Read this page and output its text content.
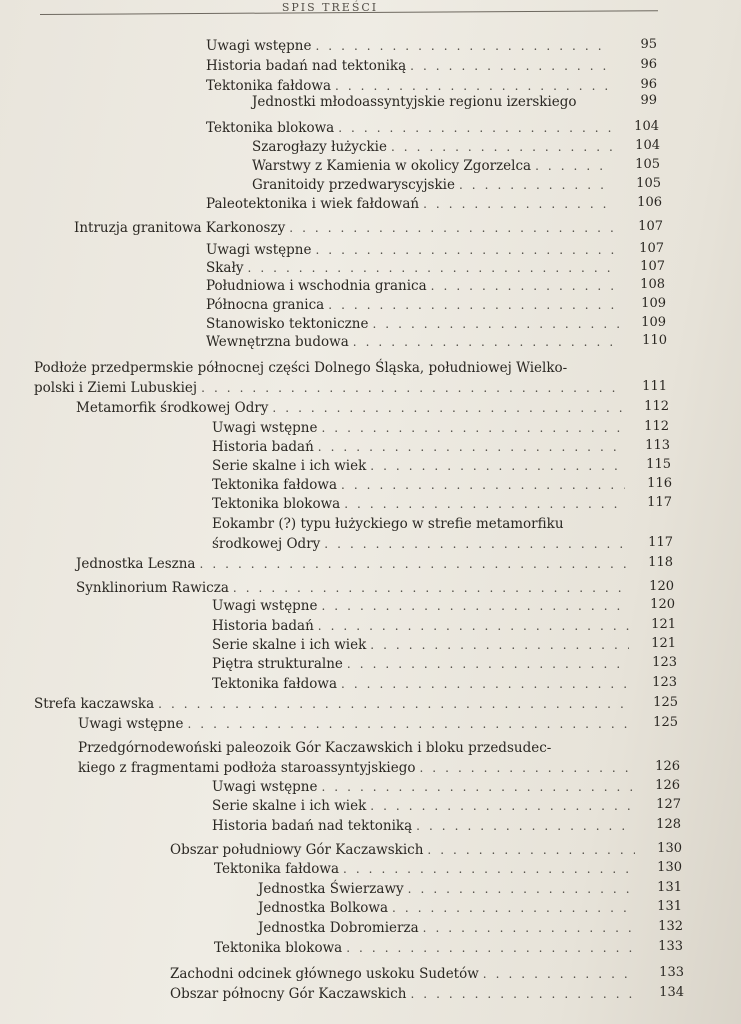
SPIS TREŚCI
Uwagi wstępne . . .	95
Historia badań nad tektoniką . . .	96
Tektonika fałdowa . . .	96
Jednostki młodoassyntyjskie regionu izerskiego	99
Tektonika blokowa . . .	104
Szarogłazy łużyckie . . .	104
Warstwy z Kamienia w okolicy Zgorzelca . . .	105
Granitoidy przedwaryscyjskie . . .	105
Paleotektonika i wiek fałdowań . . .	106
Intruzja granitowa Karkonoszy . . .	107
Uwagi wstępne . . .	107
Skały . . .	107
Południowa i wschodnia granica . . .	108
Północna granica . . .	109
Stanowisko tektoniczne . . .	109
Wewnętrzna budowa . . .	110
Podłoże przedpermskie północnej części Dolnego Śląska, południowej Wielko-
polski i Ziemi Lubuskiej . . .	111
Metamorfik środkowej Odry . . .	112
Uwagi wstępne . . .	112
Historia badań . . .	113
Serie skalne i ich wiek . . .	115
Tektonika fałdowa . . .	116
Tektonika blokowa . . .	117
Eokambr (?) typu łużyckiego w strefie metamorfiku
środkowej Odry . . .	117
Jednostka Leszna . . .	118
Synklinorium Rawicza . . .	120
Uwagi wstępne . . .	120
Historia badań . . .	121
Serie skalne i ich wiek . . .	121
Piętra strukturalne . . .	123
Tektonika fałdowa . . .	123
Strefa kaczawska . . .	125
Uwagi wstępne . . .	125
Przedgórnodewoński paleozoik Gór Kaczawskich i bloku przedsudec-
kiego z fragmentami podłoża staroassyntyjskiego . . .	126
Uwagi wstępne . . .	126
Serie skalne i ich wiek . . .	127
Historia badań nad tektoniką . . .	128
Obszar południowy Gór Kaczawskich . . .	130
Tektonika fałdowa . . .	130
Jednostka Świerzawy . . .	131
Jednostka Bolkowa . . .	131
Jednostka Dobromierza . . .	132
Tektonika blokowa . . .	133
Zachodni odcinek głównego uskoku Sudetów . . .	133
Obszar północny Gór Kaczawskich . . .	134
